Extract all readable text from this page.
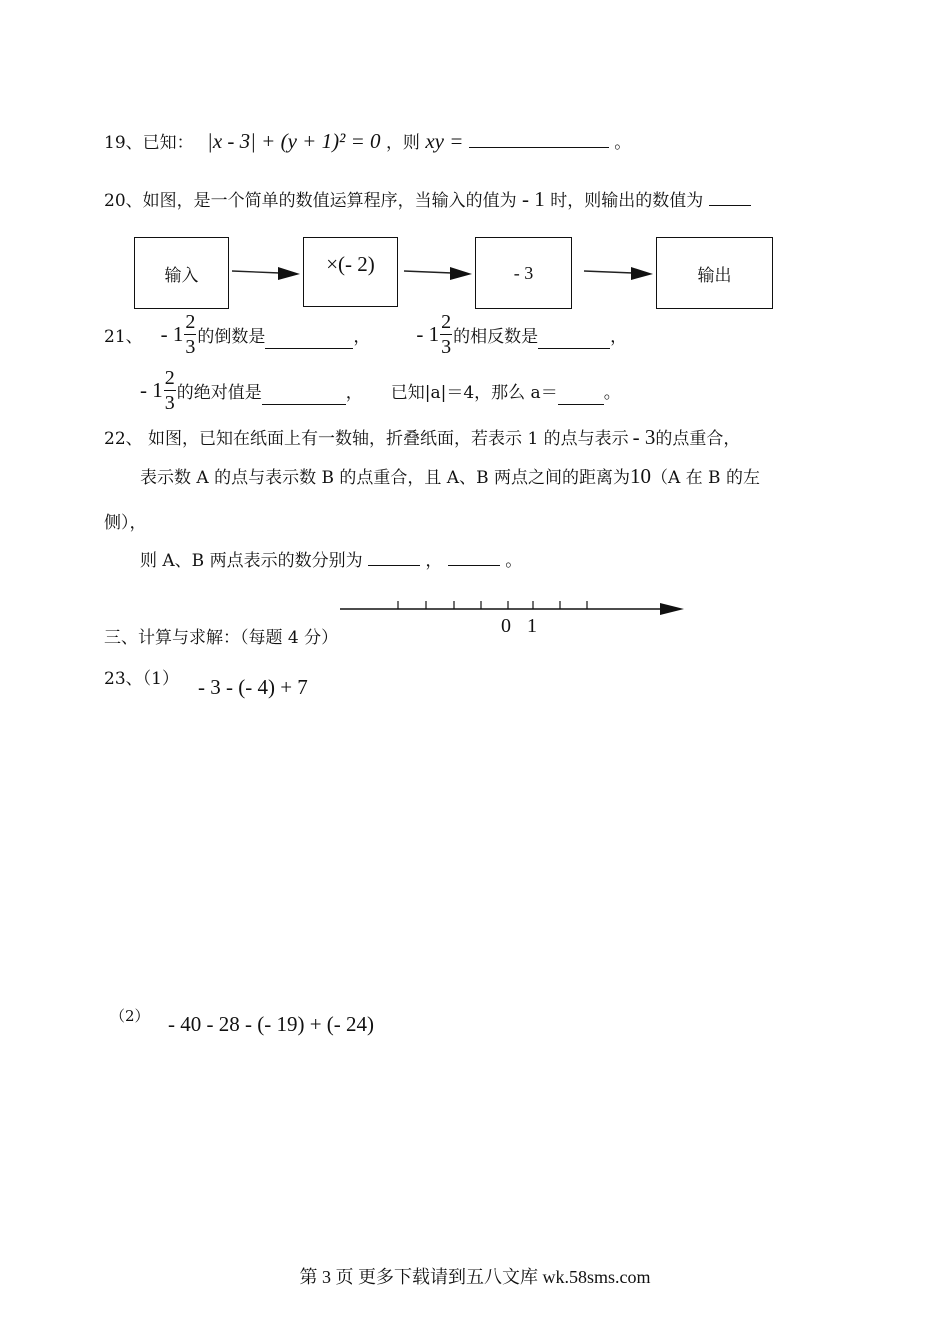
19、已知： |x - 3| + (y + 1)² = 0 ，则 xy =	。
20、如图，是一个简单的数值运算程序，当输入的值为 - 1 时，则输出的数值为
输入	×(- 2)	- 3	输出
21、 - $1 \frac{2}{3}$ 的倒数是	， - $1 \frac{2}{3}$ 的相反数是	，
- $1 \frac{2}{3}$ 的绝对值是	， 已知|a|＝4，那么 a＝	。
22、 如图，已知在纸面上有一数轴，折叠纸面，若表示 1 的点与表示 - 3的点重合，
表示数 A 的点与表示数 B 的点重合，且 A、B 两点之间的距离为10（A 在 B 的左
侧），
则 A、B 两点表示的数分别为	，	。
0 1
三、计算与求解：（每题 4 分）
23、（1） - 3 - (- 4) + 7
（2） - 40 - 28 - (- 19) + (- 24)
第 3 页 更多下载请到五八文库 wk.58sms.com
